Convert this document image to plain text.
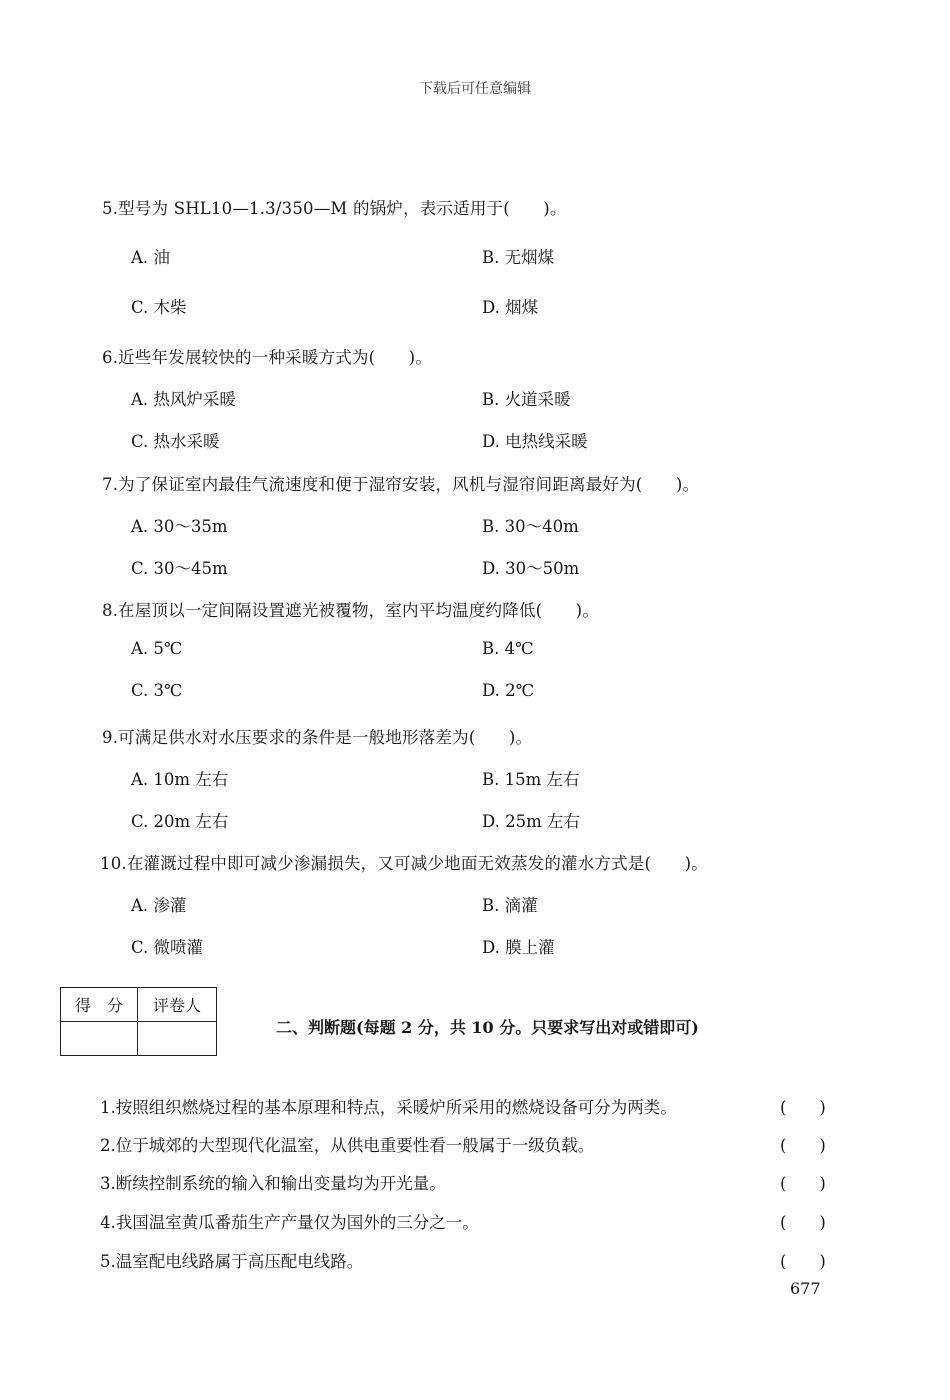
下载后可任意编辑
5.型号为 SHL10—1.3/350—M 的锅炉，表示适用于(　　)。
A. 油	B. 无烟煤
C. 木柴	D. 烟煤
6.近些年发展较快的一种采暖方式为(　　)。
A. 热风炉采暖	B. 火道采暖
C. 热水采暖	D. 电热线采暖
7.为了保证室内最佳气流速度和便于湿帘安装，风机与湿帘间距离最好为(　　)。
A. 30～35m	B. 30～40m
C. 30～45m	D. 30～50m
8.在屋顶以一定间隔设置遮光被覆物，室内平均温度约降低(　　)。
A. 5℃	B. 4℃
C. 3℃	D. 2℃
9.可满足供水对水压要求的条件是一般地形落差为(　　)。
A. 10m 左右	B. 15m 左右
C. 20m 左右	D. 25m 左右
10.在灌溉过程中即可减少渗漏损失，又可减少地面无效蒸发的灌水方式是(　　)。
A. 渗灌	B. 滴灌
C. 微喷灌	D. 膜上灌
得　分	评卷人

二、判断题(每题 2 分，共 10 分。只要求写出对或错即可)
1.按照组织燃烧过程的基本原理和特点，采暖炉所采用的燃烧设备可分为两类。	(　　)
2.位于城郊的大型现代化温室，从供电重要性看一般属于一级负载。	(　　)
3.断续控制系统的输入和输出变量均为开光量。	(　　)
4.我国温室黄瓜番茄生产产量仅为国外的三分之一。	(　　)
5.温室配电线路属于高压配电线路。	(　　)
677
